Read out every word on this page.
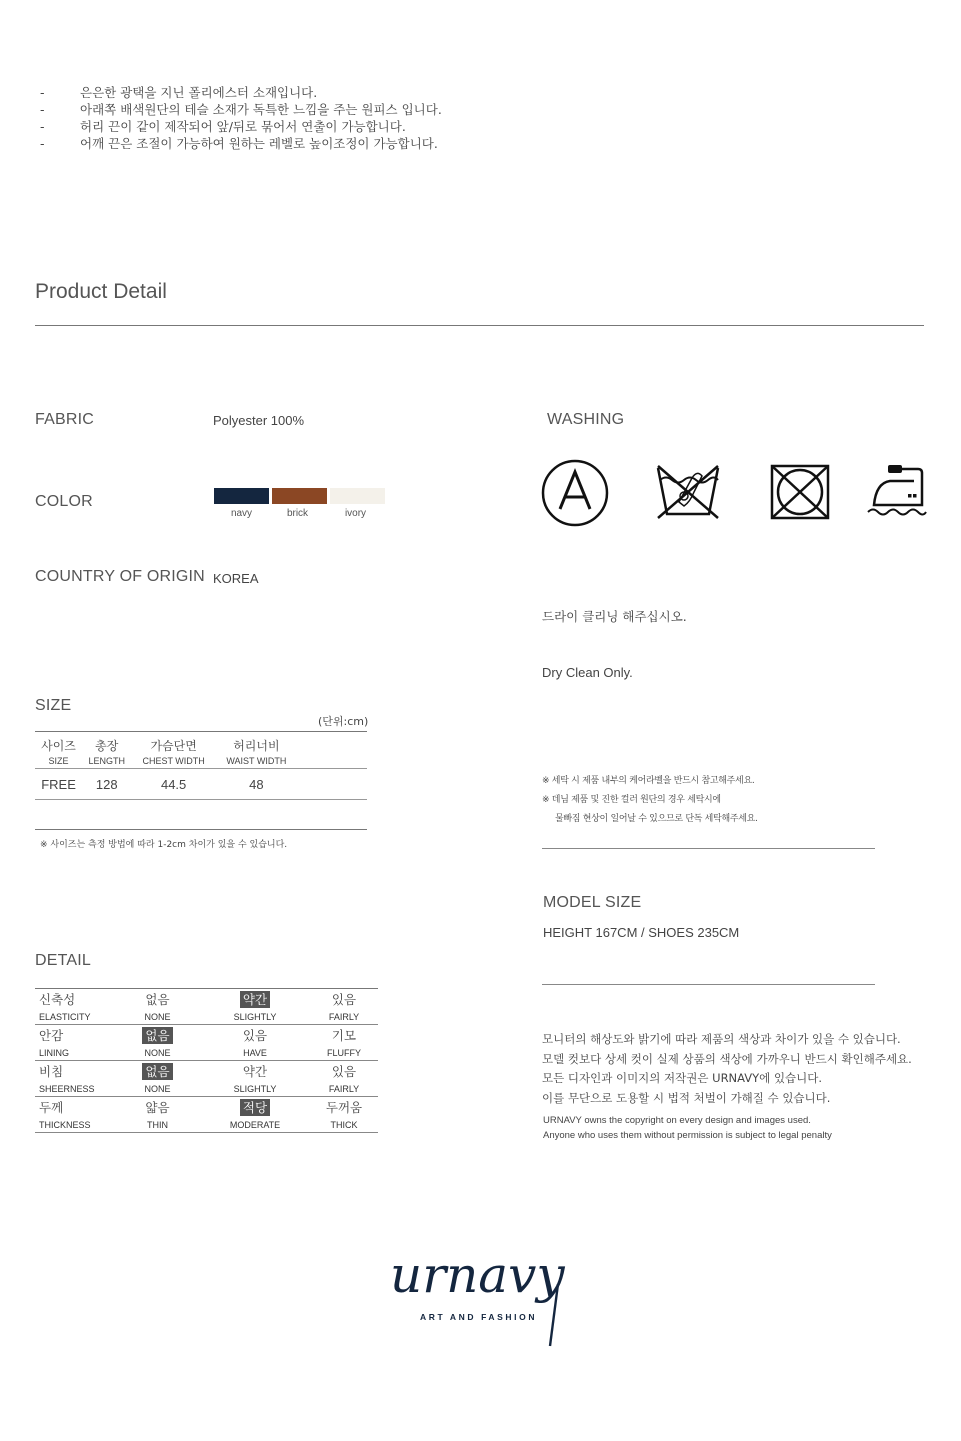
-	은은한 광택을 지닌 폴리에스터 소재입니다.
-	아래쪽 배색원단의 테슬 소재가 독특한 느낌을 주는 원피스 입니다.
-	허리 끈이 같이 제작되어 앞/뒤로 묶어서 연출이 가능합니다.
-	어깨 끈은 조절이 가능하여 원하는 레벨로 높이조정이 가능합니다.
Product Detail
FABRIC	Polyester 100%
COLOR
navy	brick	ivory
COUNTRY OF ORIGIN KOREA
SIZE
(단위:cm)
사이즈	총장	가슴단면	허리너비	
SIZE	LENGTH	CHEST WIDTH	WAIST WIDTH	
FREE	128	44.5	48	
※ 사이즈는 측정 방법에 따라 1-2cm 차이가 있을 수 있습니다.
DETAIL
신축성	없음	약간	있음
ELASTICITY	NONE	SLIGHTLY	FAIRLY
안감	없음	있음	기모
LINING	NONE	HAVE	FLUFFY
비침	없음	약간	있음
SHEERNESS	NONE	SLIGHTLY	FAIRLY
두께	얇음	적당	두꺼움
THICKNESS	THIN	MODERATE	THICK
WASHING
드라이 클리닝 해주십시오.
Dry Clean Only.
※ 세탁 시 제품 내부의 케어라벨을 반드시 참고해주세요.
※ 데님 제품 및 진한 컬러 원단의 경우 세탁시에
물빠짐 현상이 일어날 수 있으므로 단독 세탁해주세요.
MODEL SIZE
HEIGHT 167CM / SHOES 235CM
모니터의 해상도와 밝기에 따라 제품의 색상과 차이가 있을 수 있습니다.
모델 컷보다 상세 컷이 실제 상품의 색상에 가까우니 반드시 확인해주세요.
모든 디자인과 이미지의 저작권은 URNAVY에 있습니다.
이를 무단으로 도용할 시 법적 처벌이 가해질 수 있습니다.
URNAVY owns the copyright on every design and images used.
Anyone who uses them without permission is subject to legal penalty
urnavy
ART AND FASHION
